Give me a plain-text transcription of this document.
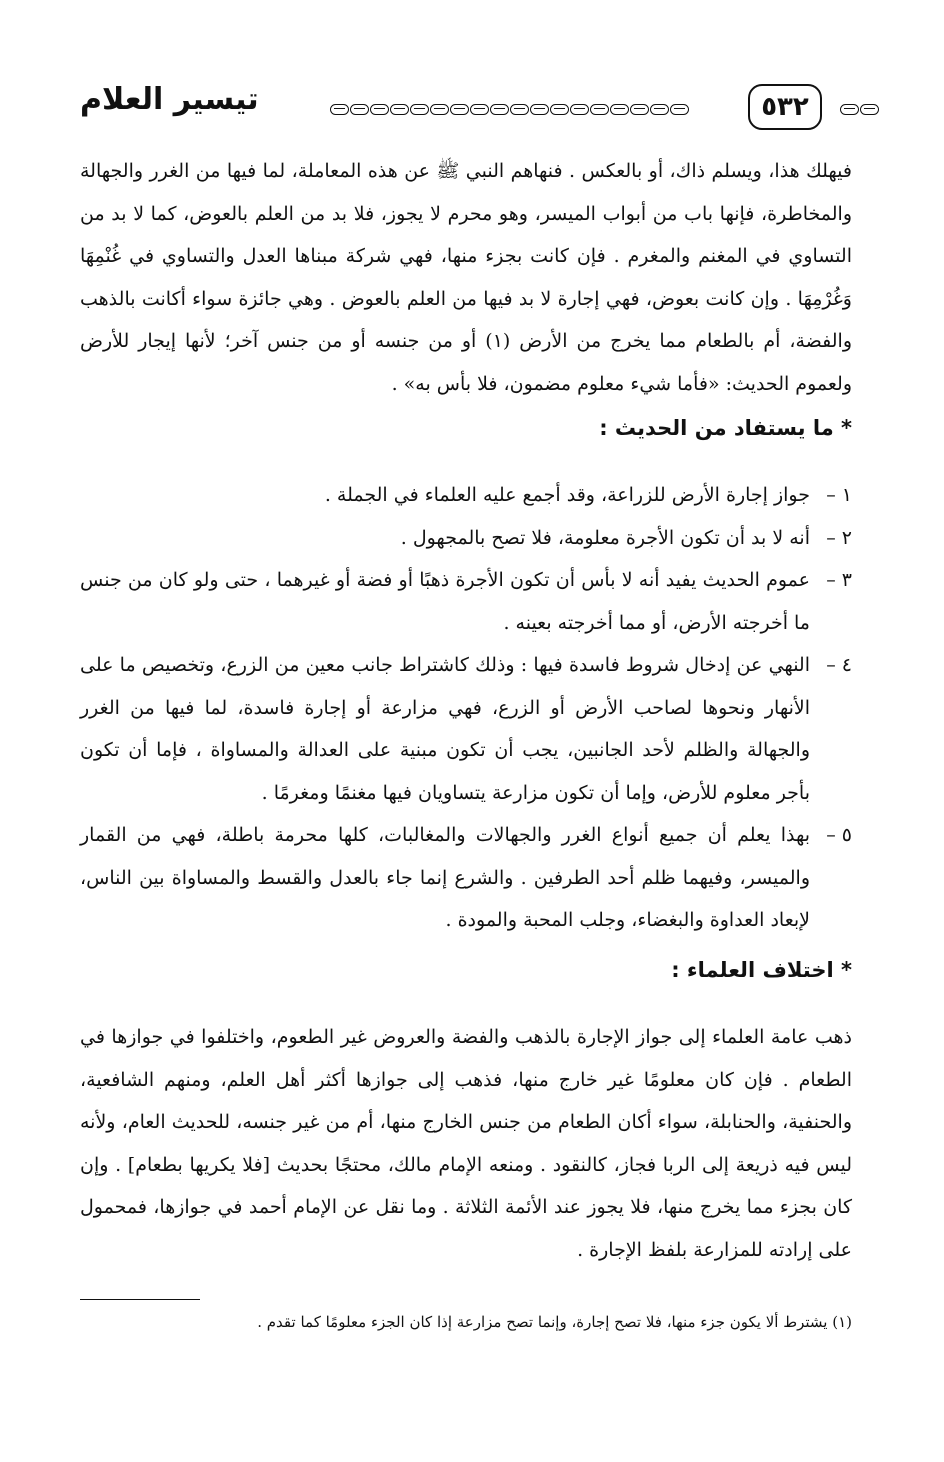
تيسير العلام	٥٣٢

فيهلك هذا، ويسلم ذاك، أو بالعكس . فنهاهم النبي ﷺ عن هذه المعاملة، لما فيها من الغرر والجهالة والمخاطرة، فإنها باب من أبواب الميسر، وهو محرم لا يجوز، فلا بد من العلم بالعوض، كما لا بد من التساوي في المغنم والمغرم . فإن كانت بجزء منها، فهي شركة مبناها العدل والتساوي في غُنْمِهَا وَغُرْمِهَا . وإن كانت بعوض، فهي إجارة لا بد فيها من العلم بالعوض . وهي جائزة سواء أكانت بالذهب والفضة، أم بالطعام مما يخرج من الأرض (١) أو من جنسه أو من جنس آخر؛ لأنها إيجار للأرض ولعموم الحديث: «فأما شيء معلوم مضمون، فلا بأس به» .

* ما يستفاد من الحديث :
١ –
جواز إجارة الأرض للزراعة، وقد أجمع عليه العلماء في الجملة .
٢ –
أنه لا بد أن تكون الأجرة معلومة، فلا تصح بالمجهول .
٣ –
عموم الحديث يفيد أنه لا بأس أن تكون الأجرة ذهبًا أو فضة أو غيرهما ، حتى ولو كان من جنس ما أخرجته الأرض، أو مما أخرجته بعينه .
٤ –
النهي عن إدخال شروط فاسدة فيها : وذلك كاشتراط جانب معين من الزرع، وتخصيص ما على الأنهار ونحوها لصاحب الأرض أو الزرع، فهي مزارعة أو إجارة فاسدة، لما فيها من الغرر والجهالة والظلم لأحد الجانبين، يجب أن تكون مبنية على العدالة والمساواة ، فإما أن تكون بأجر معلوم للأرض، وإما أن تكون مزارعة يتساويان فيها مغنمًا ومغرمًا .
٥ –
بهذا يعلم أن جميع أنواع الغرر والجهالات والمغالبات، كلها محرمة باطلة، فهي من القمار والميسر، وفيهما ظلم أحد الطرفين . والشرع إنما جاء بالعدل والقسط والمساواة بين الناس، لإبعاد العداوة والبغضاء، وجلب المحبة والمودة .
* اختلاف العلماء :

ذهب عامة العلماء إلى جواز الإجارة بالذهب والفضة والعروض غير الطعوم، واختلفوا في جوازها في الطعام . فإن كان معلومًا غير خارج منها، فذهب إلى جوازها أكثر أهل العلم، ومنهم الشافعية، والحنفية، والحنابلة، سواء أكان الطعام من جنس الخارج منها، أم من غير جنسه، للحديث العام، ولأنه ليس فيه ذريعة إلى الربا فجاز، كالنقود . ومنعه الإمام مالك، محتجًا بحديث [فلا يكريها بطعام] . وإن كان بجزء مما يخرج منها، فلا يجوز عند الأئمة الثلاثة . وما نقل عن الإمام أحمد في جوازها، فمحمول على إرادته للمزارعة بلفظ الإجارة .

(١) يشترط ألا يكون جزء منها، فلا تصح إجارة، وإنما تصح مزارعة إذا كان الجزء معلومًا كما تقدم .
